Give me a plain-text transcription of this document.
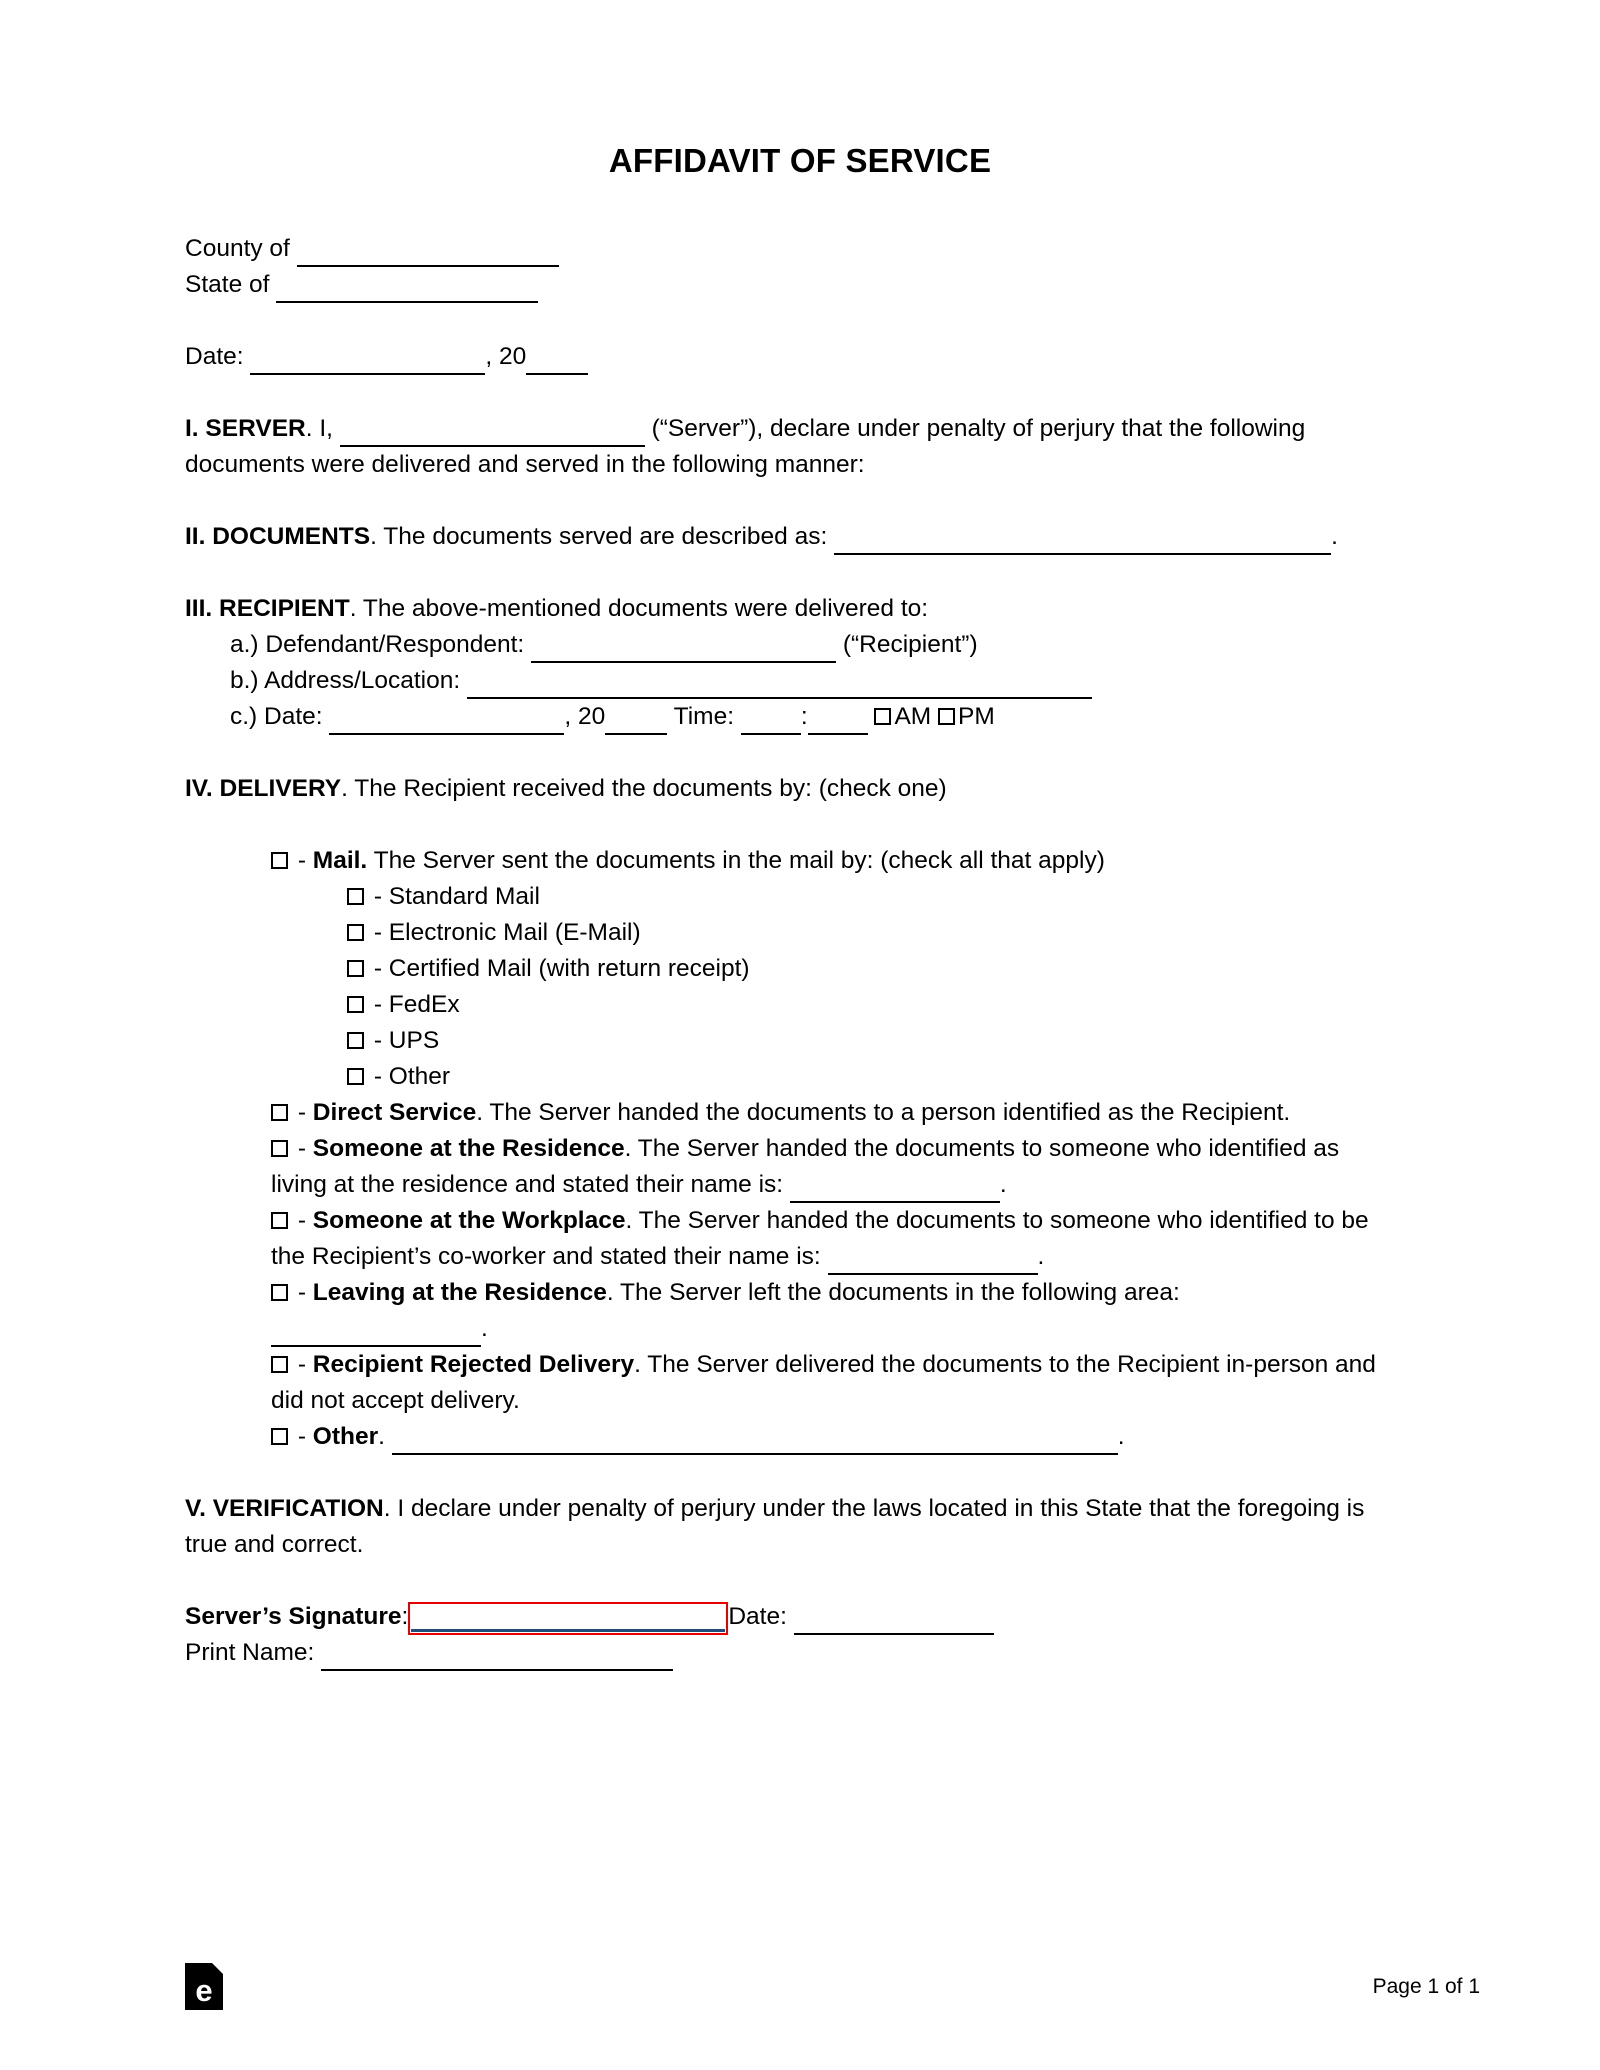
AFFIDAVIT OF SERVICE
County of
State of
Date:	, 20
I. SERVER. I,	(“Server”), declare under penalty of perjury that the following documents were delivered and served in the following manner:
II. DOCUMENTS. The documents served are described as:	.
III. RECIPIENT. The above-mentioned documents were delivered to:
a.) Defendant/Respondent:	(“Recipient”)
b.) Address/Location:
c.) Date:	, 20	Time:	:	AM PM
IV. DELIVERY. The Recipient received the documents by: (check one)
- Mail. The Server sent the documents in the mail by: (check all that apply)
- Standard Mail
- Electronic Mail (E-Mail)
- Certified Mail (with return receipt)
- FedEx
- UPS
- Other
- Direct Service. The Server handed the documents to a person identified as the Recipient.
- Someone at the Residence. The Server handed the documents to someone who identified as living at the residence and stated their name is:	.
- Someone at the Workplace. The Server handed the documents to someone who identified to be the Recipient’s co-worker and stated their name is:	.
- Leaving at the Residence. The Server left the documents in the following area: .
- Recipient Rejected Delivery. The Server delivered the documents to the Recipient in-person and did not accept delivery.
- Other.	.
V. VERIFICATION. I declare under penalty of perjury under the laws located in this State that the foregoing is true and correct.
Server’s Signature :	Date:

Print Name:
e	Page 1 of 1
